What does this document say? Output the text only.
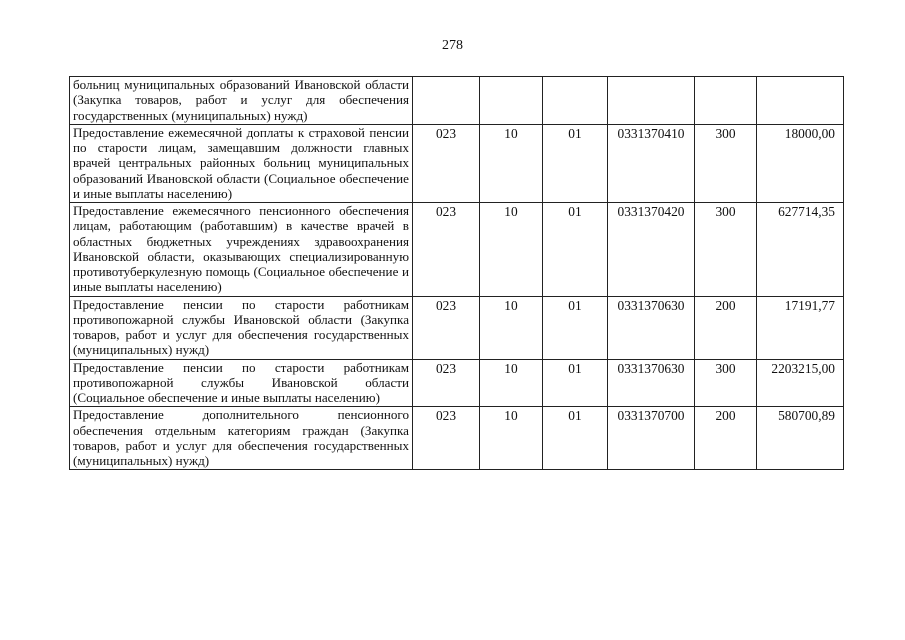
278
больниц муниципальных образований Ивановской области (Закупка товаров, работ и услуг для обеспечения государственных (муниципальных) нужд)						
Предоставление ежемесячной доплаты к страховой пенсии по старости лицам, замещавшим должности главных врачей центральных районных больниц муниципальных образований Ивановской области (Социальное обеспечение и иные выплаты населению)	023	10	01	0331370410	300	18000,00
Предоставление ежемесячного пенсионного обеспечения лицам, работающим (работавшим) в качестве врачей в областных бюджетных учреждениях здравоохранения Ивановской области, оказывающих специализированную противотуберкулезную помощь (Социальное обеспечение и иные выплаты населению)	023	10	01	0331370420	300	627714,35
Предоставление пенсии по старости работникам противопожарной службы Ивановской области (Закупка товаров, работ и услуг для обеспечения государственных (муниципальных) нужд)	023	10	01	0331370630	200	17191,77
Предоставление пенсии по старости работникам противопожарной службы Ивановской области (Социальное обеспечение и иные выплаты населению)	023	10	01	0331370630	300	2203215,00
Предоставление дополнительного пенсионного обеспечения отдельным категориям граждан (Закупка товаров, работ и услуг для обеспечения государственных (муниципальных) нужд)	023	10	01	0331370700	200	580700,89
